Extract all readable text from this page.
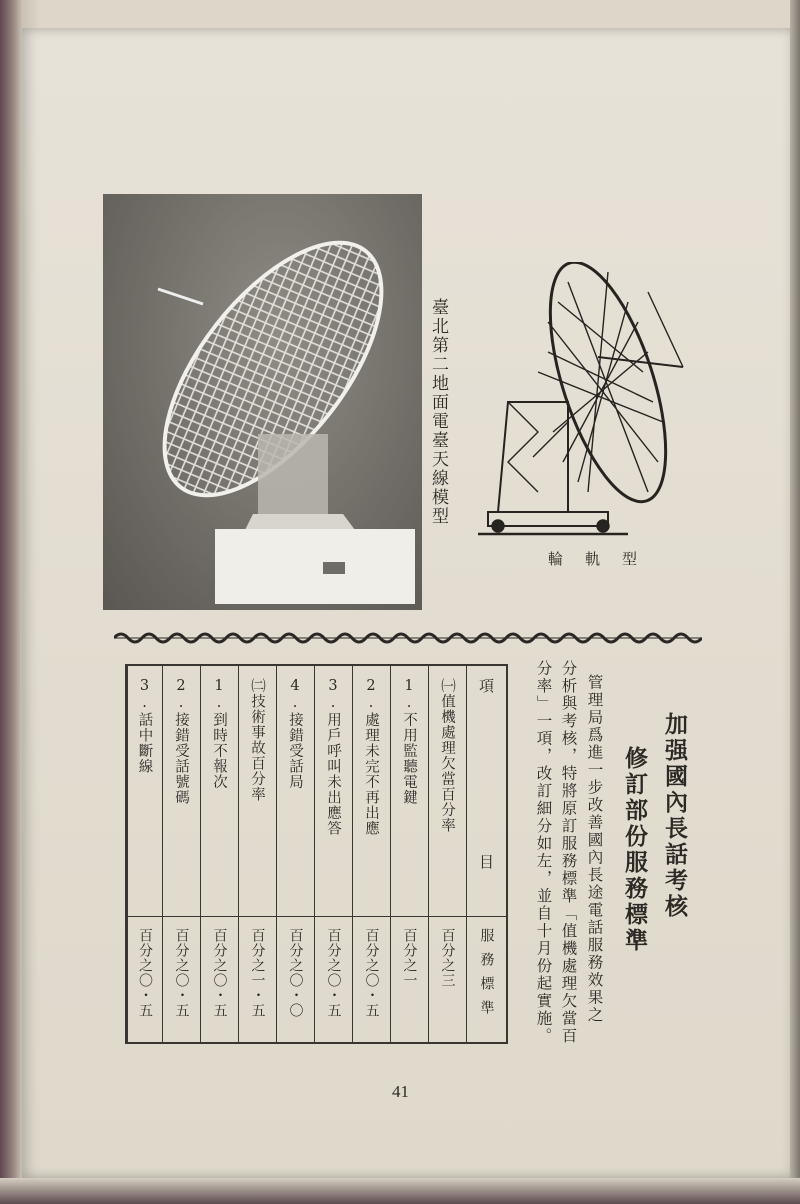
臺北第二地面電臺天線模型
輪軌型
加强國內長話考核
修訂部份服務標準
管理局爲進一步改善國內長途電話服務效果之
分析與考核，特將原訂服務標準「值機處理欠當百
分率」一項，改訂細分如左，並自十月份起實施。
項　　　　　　　　　　目
服務標準
㈠值機處理欠當百分率
百分之三
1.不用監聽電鍵
百分之一
2.處理未完不再出應
百分之〇・五
3.用戶呼叫未出應答
百分之〇・五
4.接錯受話局
百分之〇・〇
㈡技術事故百分率
百分之一・五
1.到時不報次
百分之〇・五
2.接錯受話號碼
百分之〇・五
3.話中斷線
百分之〇・五
41
